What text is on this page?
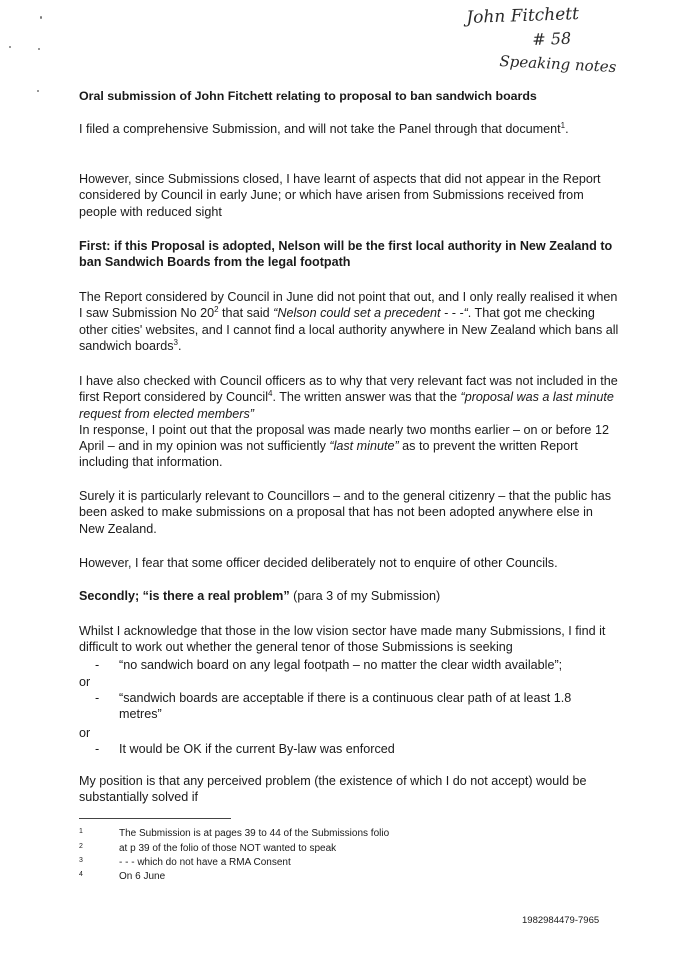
John Fitchett
# 58
Speaking notes

Oral submission of John Fitchett relating to proposal to ban sandwich boards

I filed a comprehensive Submission, and will not take the Panel through that document$^1$.

However, since Submissions closed, I have learnt of aspects that did not appear in the Report considered by Council in early June; or which have arisen from Submissions received from people with reduced sight

First: if this Proposal is adopted, Nelson will be the first local authority in New Zealand to ban Sandwich Boards from the legal footpath

The Report considered by Council in June did not point that out, and I only really realised it when I saw Submission No $20^2$ that said “Nelson could set a precedent - - -“. That got me checking other cities' websites, and I cannot find a local authority anywhere in New Zealand which bans all sandwich boards$^3$.

I have also checked with Council officers as to why that very relevant fact was not included in the first Report considered by Council$^4$. The written answer was that the “proposal was a last minute request from elected members”
In response, I point out that the proposal was made nearly two months earlier – on or before 12 April – and in my opinion was not sufficiently “last minute” as to prevent the written Report including that information.

Surely it is particularly relevant to Councillors – and to the general citizenry – that the public has been asked to make submissions on a proposal that has not been adopted anywhere else in New Zealand.

However, I fear that some officer decided deliberately not to enquire of other Councils.

Secondly; “is there a real problem” (para 3 of my Submission)

Whilst I acknowledge that those in the low vision sector have made many Submissions, I find it difficult to work out whether the general tenor of those Submissions is seeking

- “no sandwich board on any legal footpath – no matter the clear width available”;
or
- “sandwich boards are acceptable if there is a continuous clear path of at least 1.8 metres”
or
- It would be OK if the current By-law was enforced

My position is that any perceived problem (the existence of which I do not accept) would be substantially solved if

1	The Submission is at pages 39 to 44 of the Submissions folio
2	at p 39 of the folio of those NOT wanted to speak
3	- - - which do not have a RMA Consent
4	On 6 June
1982984479-7965
